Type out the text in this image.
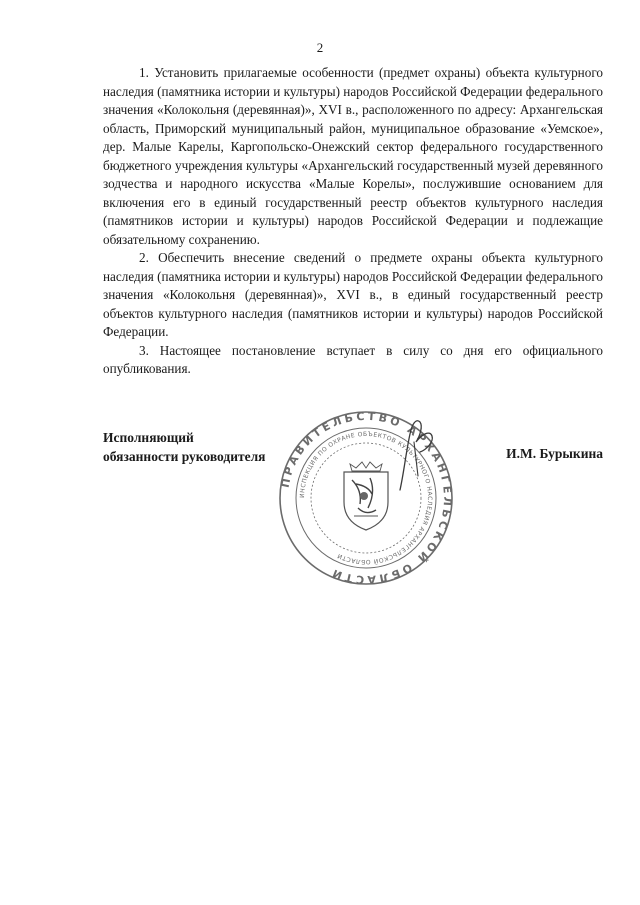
2

1. Установить прилагаемые особенности (предмет охраны) объекта культурного наследия (памятника истории и культуры) народов Российской Федерации федерального значения «Колокольня (деревянная)», XVI в., расположенного по адресу: Архангельская область, Приморский муниципальный район, муниципальное образование «Уемское», дер. Малые Карелы, Каргопольско-Онежский сектор федерального государственного бюджетного учреждения культуры «Архангельский государственный музей деревянного зодчества и народного искусства «Малые Корелы», послужившие основанием для включения его в единый государственный реестр объектов культурного наследия (памятников истории и культуры) народов Российской Федерации и подлежащие обязательному сохранению.

2. Обеспечить внесение сведений о предмете охраны объекта культурного наследия (памятника истории и культуры) народов Российской Федерации федерального значения «Колокольня (деревянная)», XVI в., в единый государственный реестр объектов культурного наследия (памятников истории и культуры) народов Российской Федерации.

3. Настоящее постановление вступает в силу со дня его официального опубликования.

Исполняющий
обязанности руководителя	И.М. Бурыкина
ПРАВИТЕЛЬСТВО АРХАНГЕЛЬСКОЙ ОБЛАСТИ
ИНСПЕКЦИЯ ПО ОХРАНЕ ОБЪЕКТОВ КУЛЬТУРНОГО НАСЛЕДИЯ АРХАНГЕЛЬСКОЙ ОБЛАСТИ
